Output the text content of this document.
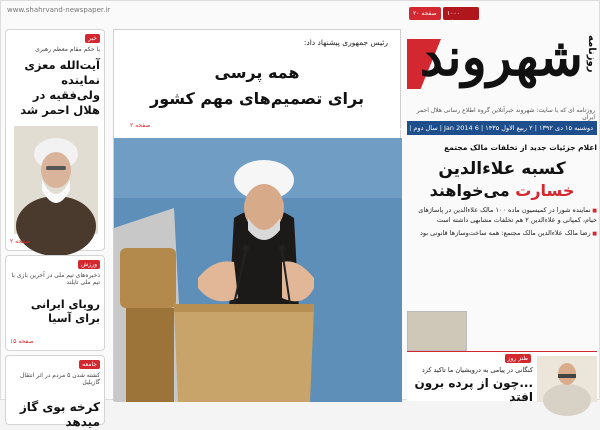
www.shahrvand-newspaper.ir
خبر
با حکم مقام معظم رهبری
آیت‌الله معزی نماینده ولی‌فقیه در هلال احمر شد
صفحه ۲
ورزش
ذخیره‌های تیم ملی در آخرین بازی با تیم ملی تایلند
رویای ایرانی برای آسیا
صفحه ۱۵
جامعه
کشته شدن ۵ مردم در اثر انتقال گازیلیل
کرخه بوی گاز میدهد
رئیس جمهوری پیشنهاد داد:
همه پرسی
برای تصمیم‌های مهم کشور
صفحه ۲
۲۰ صفحه	۱۰۰۰ تومان
شهروند روزنامه
روزنامه ای که با سایت: شهروند خبرآنلاین گروه اطلاع رسانی هلال احمر ایران
دوشنبه ۱۵ دی ۱۳۹۲ | ۲ ربیع الاول ۱۴۳۵ | 6 Jan 2014 | سال دوم | شماره ۲۲۰
اعلام جزئیات جدید از تخلفات مالک مجتمع
کسبه علاءالدین
خسارت می‌خواهند
■ نماینده شورا در کمیسیون ماده ۱۰۰ مالک علاءالدین در پاساژهای خیام، کمپانی و علاءالدین ۲ هم تخلفات مشابهی داشته است
■ رضا مالک علاءالدین مالک مجتمع: همه ساخت‌وسازها قانونی بود
طنز روز
کنگانی در پیامی به درویشیان ما تاکید کرد
...چون از پرده برون افتد
